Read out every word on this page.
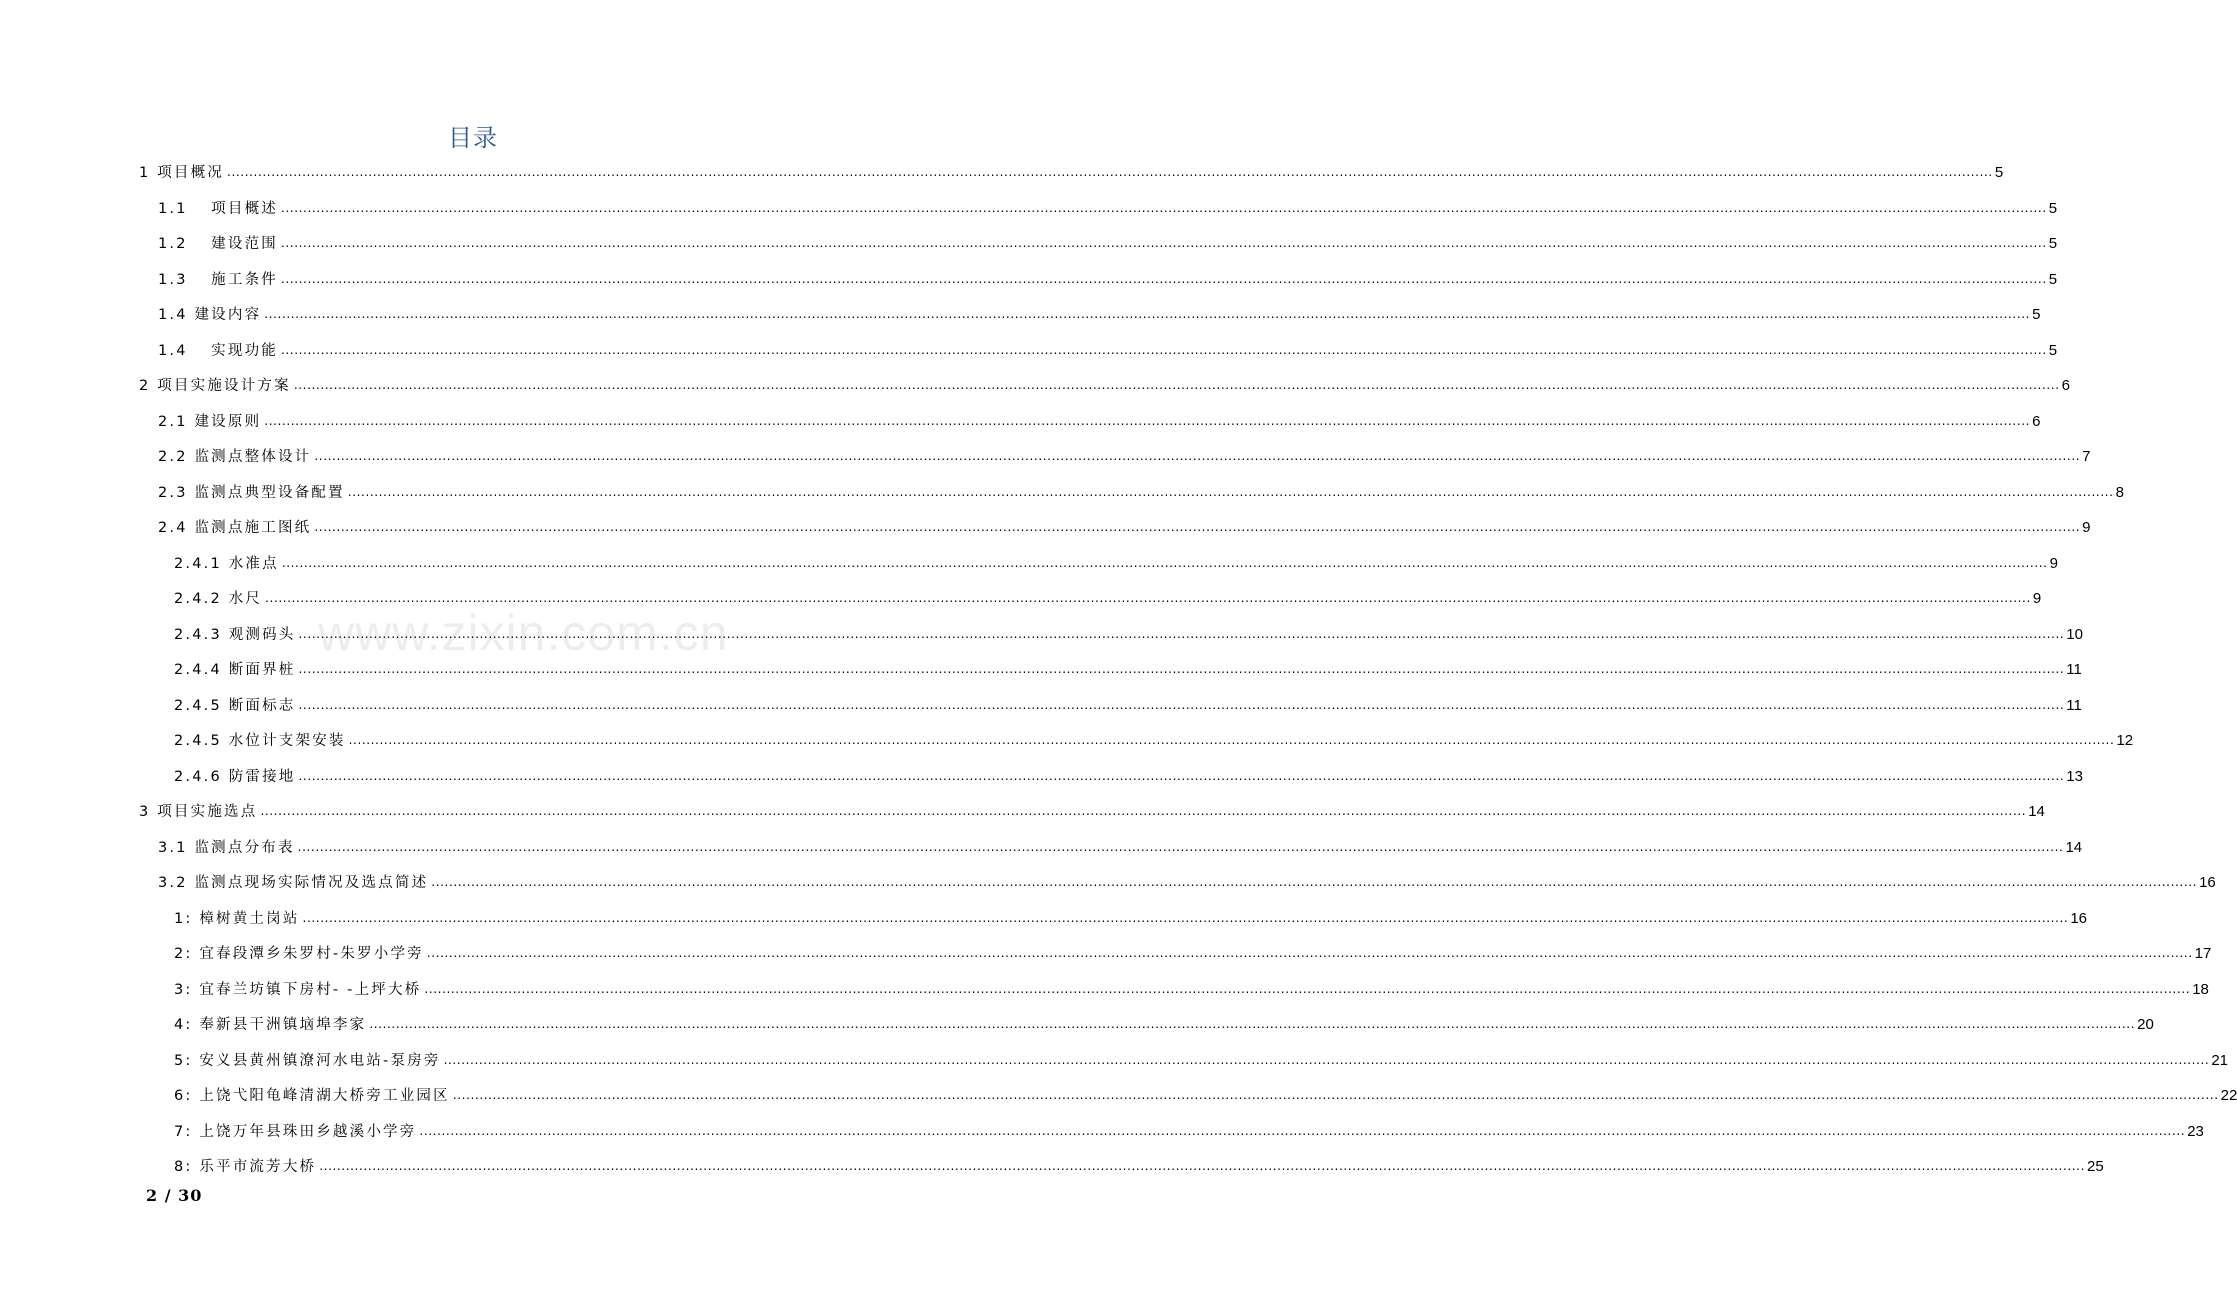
目录
1 项目概况 ................................................................................................................................................................................................................................................................................................................................................................................................................ 5
1.1　 项目概述 ................................................................................................................................................................................................................................................................................................................................................................................................................ 5
1.2　 建设范围 ................................................................................................................................................................................................................................................................................................................................................................................................................ 5
1.3　 施工条件 ................................................................................................................................................................................................................................................................................................................................................................................................................ 5
1.4 建设内容 ................................................................................................................................................................................................................................................................................................................................................................................................................ 5
1.4　 实现功能 ................................................................................................................................................................................................................................................................................................................................................................................................................ 5
2 项目实施设计方案 ................................................................................................................................................................................................................................................................................................................................................................................................................ 6
2.1 建设原则 ................................................................................................................................................................................................................................................................................................................................................................................................................ 6
2.2 监测点整体设计 ................................................................................................................................................................................................................................................................................................................................................................................................................ 7
2.3 监测点典型设备配置 ................................................................................................................................................................................................................................................................................................................................................................................................................ 8
2.4 监测点施工图纸 ................................................................................................................................................................................................................................................................................................................................................................................................................ 9
2.4.1 水准点 ................................................................................................................................................................................................................................................................................................................................................................................................................ 9
2.4.2 水尺 ................................................................................................................................................................................................................................................................................................................................................................................................................ 9
2.4.3 观测码头 ................................................................................................................................................................................................................................................................................................................................................................................................................ 10
2.4.4 断面界桩 ................................................................................................................................................................................................................................................................................................................................................................................................................ 11
2.4.5 断面标志 ................................................................................................................................................................................................................................................................................................................................................................................................................ 11
2.4.5 水位计支架安装 ................................................................................................................................................................................................................................................................................................................................................................................................................ 12
2.4.6 防雷接地 ................................................................................................................................................................................................................................................................................................................................................................................................................ 13
3 项目实施选点 ................................................................................................................................................................................................................................................................................................................................................................................................................ 14
3.1 监测点分布表 ................................................................................................................................................................................................................................................................................................................................................................................................................ 14
3.2 监测点现场实际情况及选点简述 ................................................................................................................................................................................................................................................................................................................................................................................................................ 16
1: 樟树黄土岗站 ................................................................................................................................................................................................................................................................................................................................................................................................................ 16
2: 宜春段潭乡朱罗村-朱罗小学旁 ................................................................................................................................................................................................................................................................................................................................................................................................................ 17
3: 宜春兰坊镇下房村- -上坪大桥 ................................................................................................................................................................................................................................................................................................................................................................................................................ 18
4: 奉新县干洲镇垴埠李家 ................................................................................................................................................................................................................................................................................................................................................................................................................ 20
5: 安义县黄州镇潦河水电站-泵房旁 ................................................................................................................................................................................................................................................................................................................................................................................................................ 21
6: 上饶弋阳龟峰清湖大桥旁工业园区 ................................................................................................................................................................................................................................................................................................................................................................................................................ 22
7: 上饶万年县珠田乡越溪小学旁 ................................................................................................................................................................................................................................................................................................................................................................................................................ 23
8: 乐平市流芳大桥 ................................................................................................................................................................................................................................................................................................................................................................................................................ 25
www.zixin.com.cn
2 / 30
